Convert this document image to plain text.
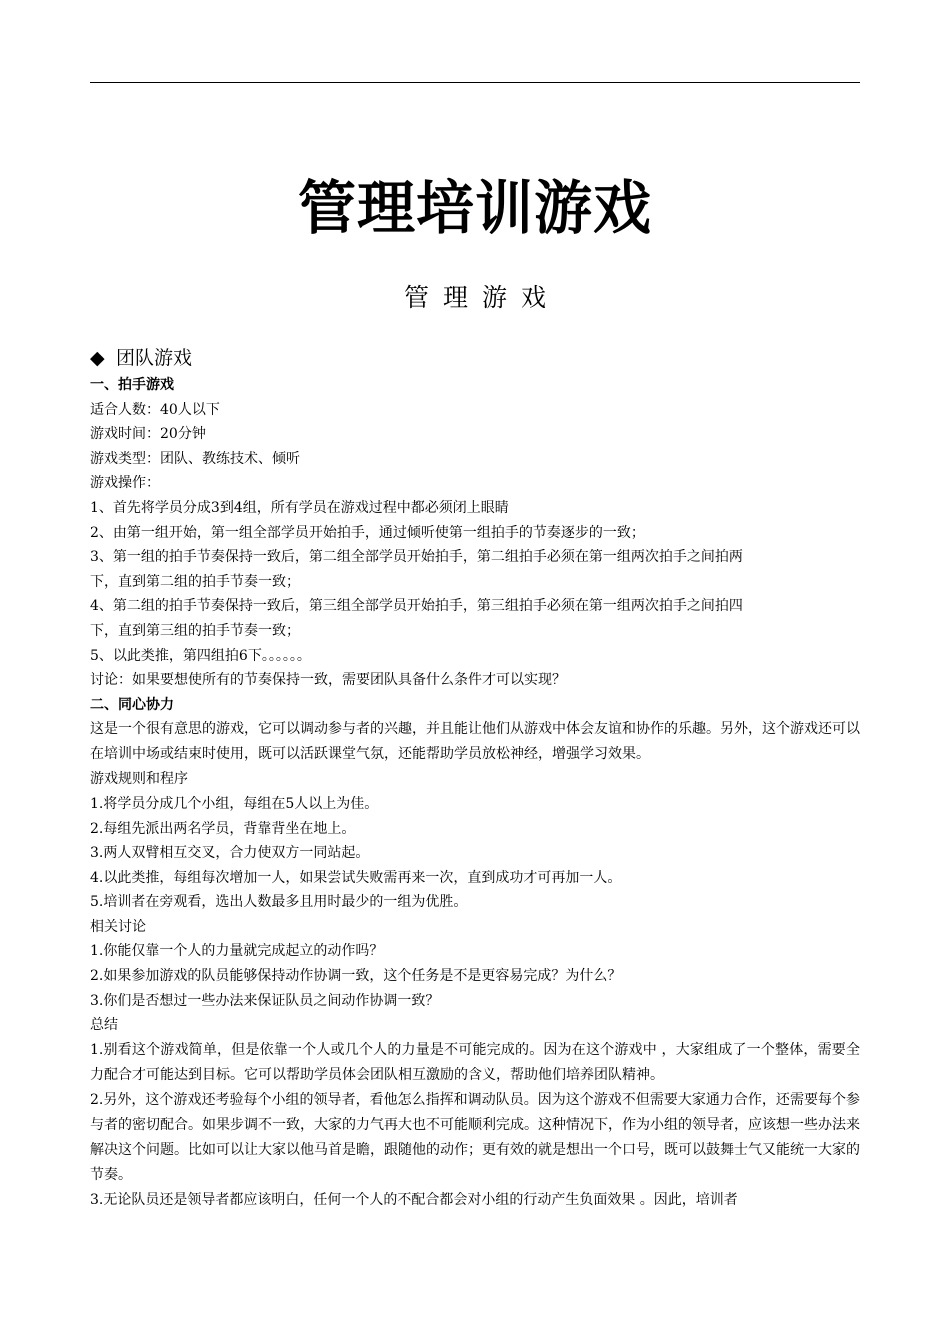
管理培训游戏
管理游戏
◆ 团队游戏
一、拍手游戏
适合人数：40人以下
游戏时间：20分钟
游戏类型：团队、教练技术、倾听
游戏操作：
1、首先将学员分成3到4组，所有学员在游戏过程中都必须闭上眼睛
2、由第一组开始，第一组全部学员开始拍手，通过倾听使第一组拍手的节奏逐步的一致；
3、第一组的拍手节奏保持一致后，第二组全部学员开始拍手，第二组拍手必须在第一组两次拍手之间拍两
下，直到第二组的拍手节奏一致；
4、第二组的拍手节奏保持一致后，第三组全部学员开始拍手，第三组拍手必须在第一组两次拍手之间拍四
下，直到第三组的拍手节奏一致；
5、以此类推，第四组拍6下。。。。。。
讨论：如果要想使所有的节奏保持一致，需要团队具备什么条件才可以实现？
二、同心协力
这是一个很有意思的游戏，它可以调动参与者的兴趣，并且能让他们从游戏中体会友谊和协作的乐趣。另外，这个游戏还可以在培训中场或结束时使用，既可以活跃课堂气氛，还能帮助学员放松神经，增强学习效果。
游戏规则和程序
1.将学员分成几个小组，每组在5人以上为佳。
2.每组先派出两名学员，背靠背坐在地上。
3.两人双臂相互交叉，合力使双方一同站起。
4.以此类推，每组每次增加一人，如果尝试失败需再来一次，直到成功才可再加一人。
5.培训者在旁观看，选出人数最多且用时最少的一组为优胜。
相关讨论
1.你能仅靠一个人的力量就完成起立的动作吗？
2.如果参加游戏的队员能够保持动作协调一致，这个任务是不是更容易完成？为什么？
3.你们是否想过一些办法来保证队员之间动作协调一致？
总结
1.别看这个游戏简单，但是依靠一个人或几个人的力量是不可能完成的。因为在这个游戏中 ，大家组成了一个整体，需要全力配合才可能达到目标。它可以帮助学员体会团队相互激励的含义，帮助他们培养团队精神。
2.另外，这个游戏还考验每个小组的领导者，看他怎么指挥和调动队员。因为这个游戏不但需要大家通力合作，还需要每个参与者的密切配合。如果步调不一致，大家的力气再大也不可能顺利完成。这种情况下，作为小组的领导者，应该想一些办法来解决这个问题。比如可以让大家以他马首是瞻，跟随他的动作；更有效的就是想出一个口号，既可以鼓舞士气又能统一大家的节奏。
3.无论队员还是领导者都应该明白，任何一个人的不配合都会对小组的行动产生负面效果 。因此，培训者
